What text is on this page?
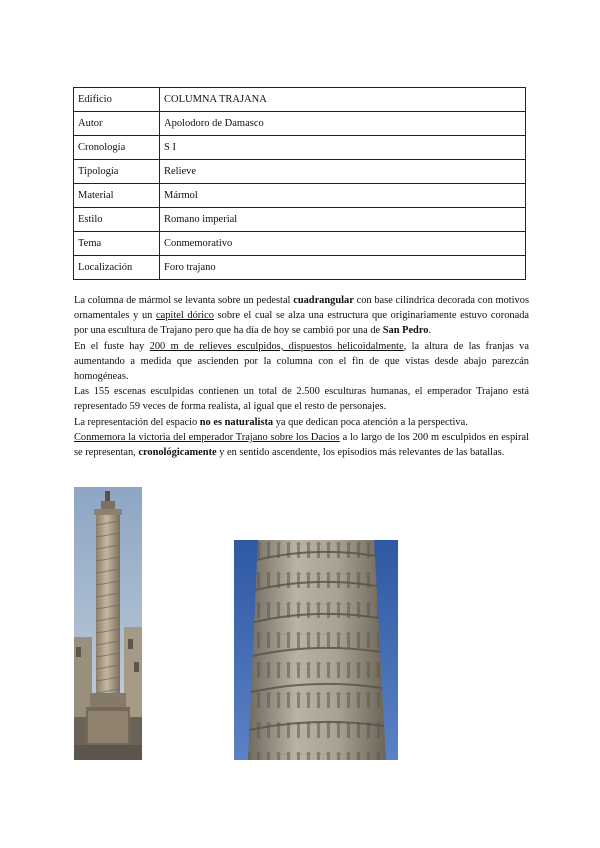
Edificio	COLUMNA TRAJANA
Autor	Apolodoro de Damasco
Cronología	S I
Tipología	Relieve
Material	Mármol
Estilo	Romano imperial
Tema	Conmemorativo
Localización	Foro trajano

La columna de mármol se levanta sobre un pedestal cuadrangular con base cilíndrica decorada con motivos ornamentales y un capitel dórico sobre el cual se alza una estructura que originariamente estuvo coronada por una escultura de Trajano pero que ha día de hoy se cambió por una de San Pedro.

En el fuste hay 200 m de relieves esculpidos, dispuestos helicoidalmente, la altura de las franjas va aumentando a medida que ascienden por la columna con el fin de que vistas desde abajo parezcán homogéneas.

Las 155 escenas esculpidas contienen un total de 2.500 esculturas humanas, el emperador Trajano está representado 59 veces de forma realista, al igual que el resto de personajes.

La representación del espacio no es naturalista ya que dedican poca atención a la perspectiva.

Conmemora la victoria del emperador Trajano sobre los Dacios a lo largo de los 200 m esculpidos en espiral se representan, cronológicamente y en sentido ascendente, los episodios más relevantes de las batallas.
